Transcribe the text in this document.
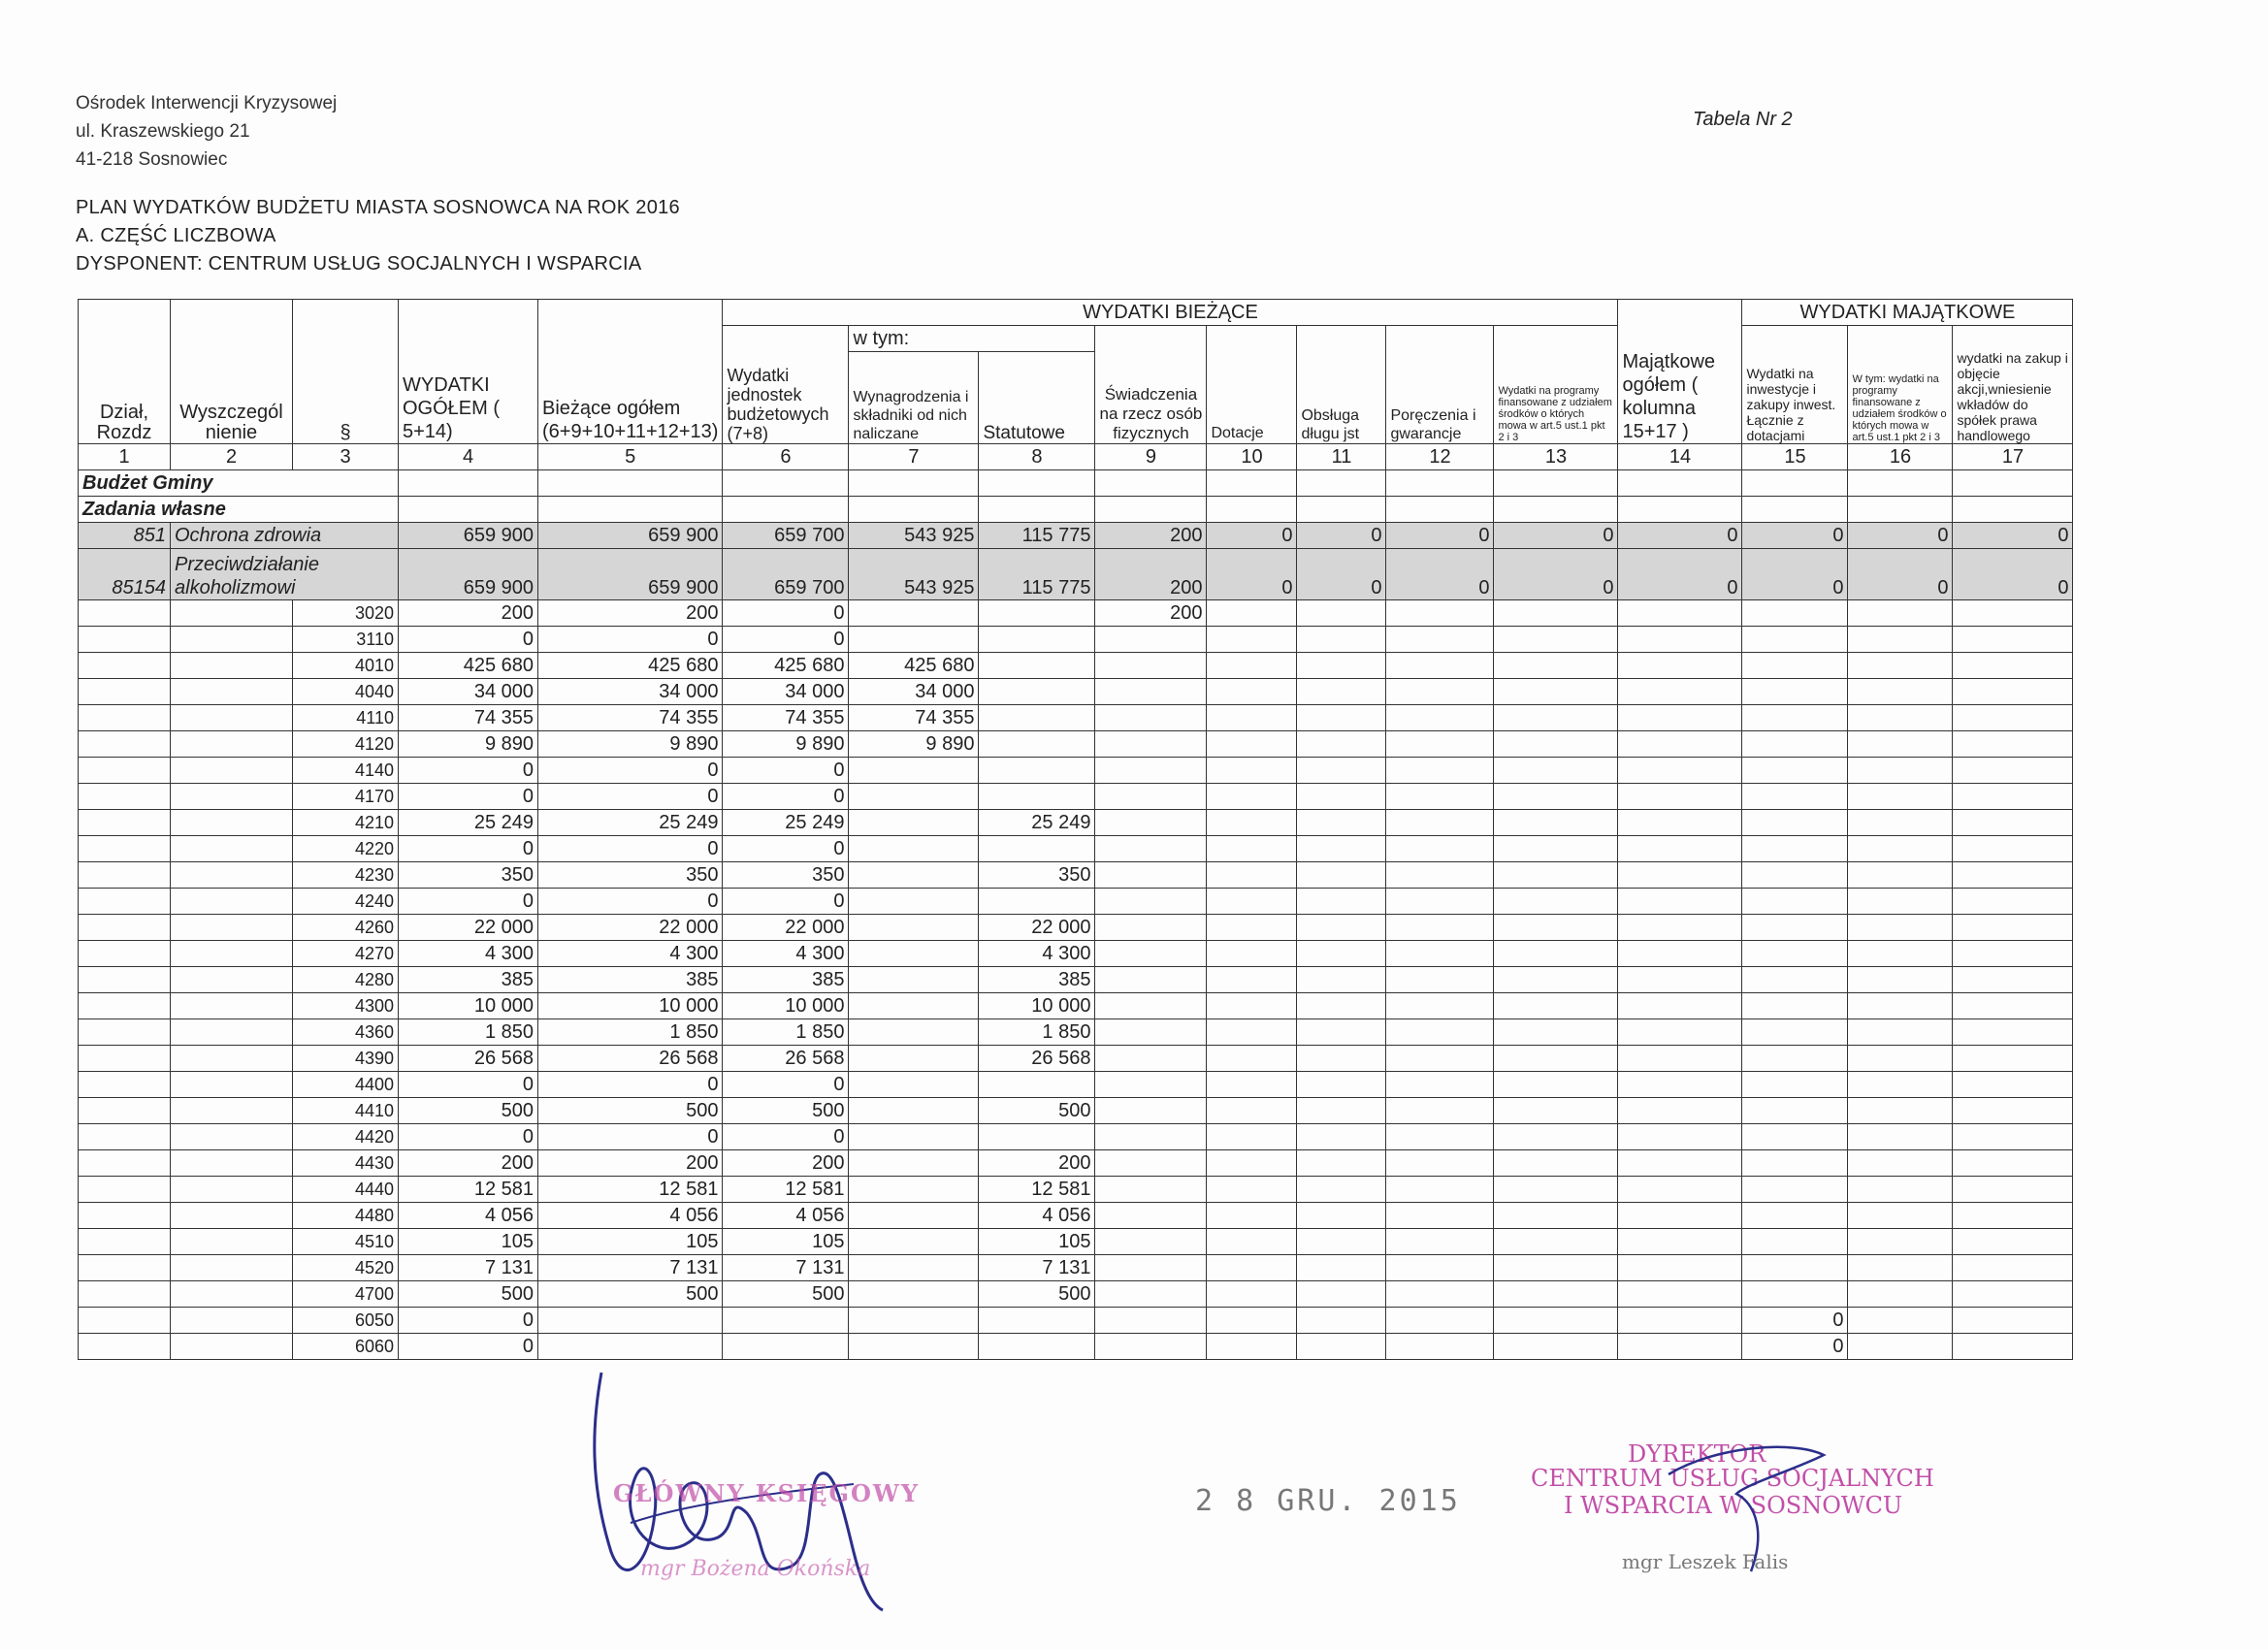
Ośrodek Interwencji Kryzysowej
ul. Kraszewskiego 21
41-218 Sosnowiec
Tabela Nr 2
PLAN WYDATKÓW BUDŻETU MIASTA SOSNOWCA NA ROK 2016
A. CZĘŚĆ LICZBOWA
DYSPONENT: CENTRUM USŁUG SOCJALNYCH I WSPARCIA
Dział, Rozdz	Wyszczególnienie	§	WYDATKI OGÓŁEM ( 5+14)	Bieżące ogółem (6+9+10+11+12+13)	WYDATKI BIEŻĄCE								Majątkowe ogółem ( kolumna 15+17 )	WYDATKI MAJĄTKOWE		
					Wydatki jednostek budżetowych (7+8)	w tym:		Świadczenia na rzecz osób fizycznych	Dotacje	Obsługa długu jst	Poręczenia i gwarancje	Wydatki na programy finansowane z udziałem środków o których mowa w art.5 ust.1 pkt 2 i 3		Wydatki na inwestycje i zakupy inwest. Łącznie z dotacjami	W tym: wydatki na programy finansowane z udziałem środków o których mowa w art.5 ust.1 pkt 2 i 3	wydatki na zakup i objęcie akcji,wniesienie wkładów do spółek prawa handlowego
						Wynagrodzenia i składniki od nich naliczane	Statutowe									
1	2	3	4	5	6	7	8	9	10	11	12	13	14	15	16	17
Budżet Gminy																
Zadania własne																
851	Ochrona zdrowia		659 900	659 900	659 700	543 925	115 775	200	0	0	0	0	0	0	0	0
85154	Przeciwdziałanie
alkoholizmowi		659 900	659 900	659 700	543 925	115 775	200	0	0	0	0	0	0	0	0
		3020	200	200	0			200								
		3110	0	0	0											
		4010	425 680	425 680	425 680	425 680										
		4040	34 000	34 000	34 000	34 000										
		4110	74 355	74 355	74 355	74 355										
		4120	9 890	9 890	9 890	9 890										
		4140	0	0	0											
		4170	0	0	0											
		4210	25 249	25 249	25 249		25 249									
		4220	0	0	0											
		4230	350	350	350		350									
		4240	0	0	0											
		4260	22 000	22 000	22 000		22 000									
		4270	4 300	4 300	4 300		4 300									
		4280	385	385	385		385									
		4300	10 000	10 000	10 000		10 000									
		4360	1 850	1 850	1 850		1 850									
		4390	26 568	26 568	26 568		26 568									
		4400	0	0	0											
		4410	500	500	500		500									
		4420	0	0	0											
		4430	200	200	200		200									
		4440	12 581	12 581	12 581		12 581									
		4480	4 056	4 056	4 056		4 056									
		4510	105	105	105		105									
		4520	7 131	7 131	7 131		7 131									
		4700	500	500	500		500									
		6050	0											0		
		6060	0											0		
GŁÓWNY KSIĘGOWY
mgr Bożena Okońska
2 8 GRU. 2015
DYREKTOR
CENTRUM USŁUG SOCJALNYCH
I WSPARCIA W SOSNOWCU
mgr Leszek Falis
